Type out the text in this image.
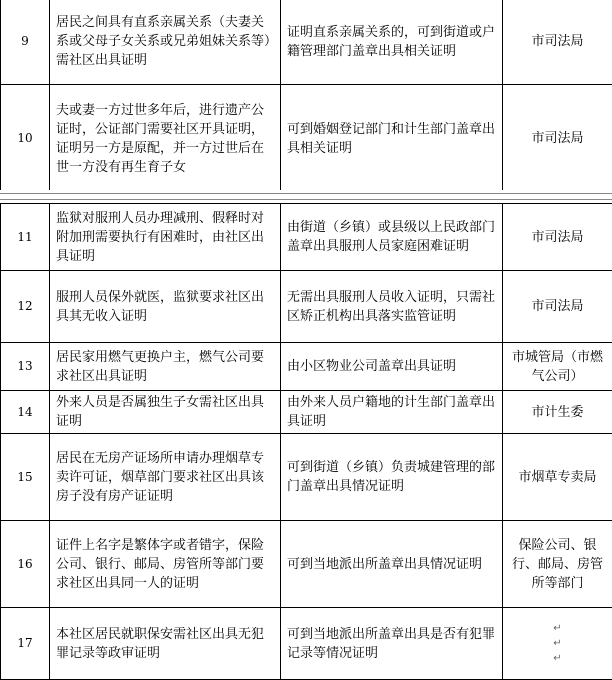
9	居民之间具有直系亲属关系（夫妻关系或父母子女关系或兄弟姐妹关系等）需社区出具证明	证明直系亲属关系的，可到街道或户籍管理部门盖章出具相关证明	市司法局
10	夫或妻一方过世多年后，进行遗产公证时，公证部门需要社区开具证明，证明另一方是原配，并一方过世后在世一方没有再生育子女	可到婚姻登记部门和计生部门盖章出具相关证明	市司法局
11	监狱对服刑人员办理减刑、假释时对附加刑需要执行有困难时，由社区出具证明	由街道（乡镇）或县级以上民政部门盖章出具服刑人员家庭困难证明	市司法局
12	服刑人员保外就医，监狱要求社区出具其无收入证明	无需出具服刑人员收入证明，只需社区矫正机构出具落实监管证明	市司法局
13	居民家用燃气更换户主，燃气公司要求社区出具证明	由小区物业公司盖章出具证明	市城管局（市燃气公司）
14	外来人员是否属独生子女需社区出具证明	由外来人员户籍地的计生部门盖章出具证明	市计生委
15	居民在无房产证场所申请办理烟草专卖许可证，烟草部门要求社区出具该房子没有房产证证明	可到街道（乡镇）负责城建管理的部门盖章出具情况证明	市烟草专卖局
16	证件上名字是繁体字或者错字，保险公司、银行、邮局、房管所等部门要求社区出具同一人的证明	可到当地派出所盖章出具情况证明	保险公司、银行、邮局、房管所等部门
17	本社区居民就职保安需社区出具无犯罪记录等政审证明	可到当地派出所盖章出具是否有犯罪记录等情况证明	↵
↵
↵
